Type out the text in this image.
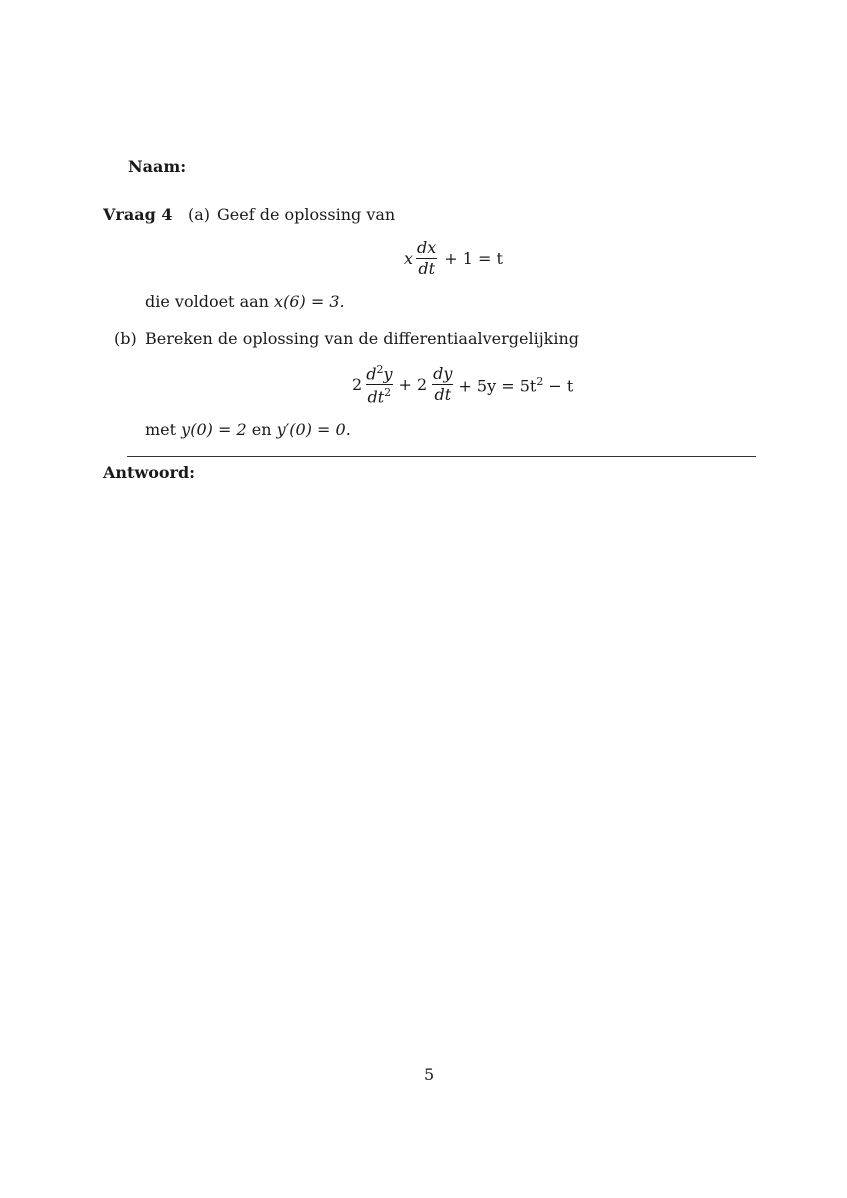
Naam:
Vraag 4 (a) Geef de oplossing van
x $\frac{dx}{dt} + 1 = t$
die voldoet aan x(6) = 3.
(b) Bereken de oplossing van de differentiaalvergelijking
$2 \frac{d^2y}{dt^2} + 2 \frac{dy}{dt} + 5y = 5t^2 - t$
met y(0) = 2 en y′(0) = 0.
Antwoord:
5
